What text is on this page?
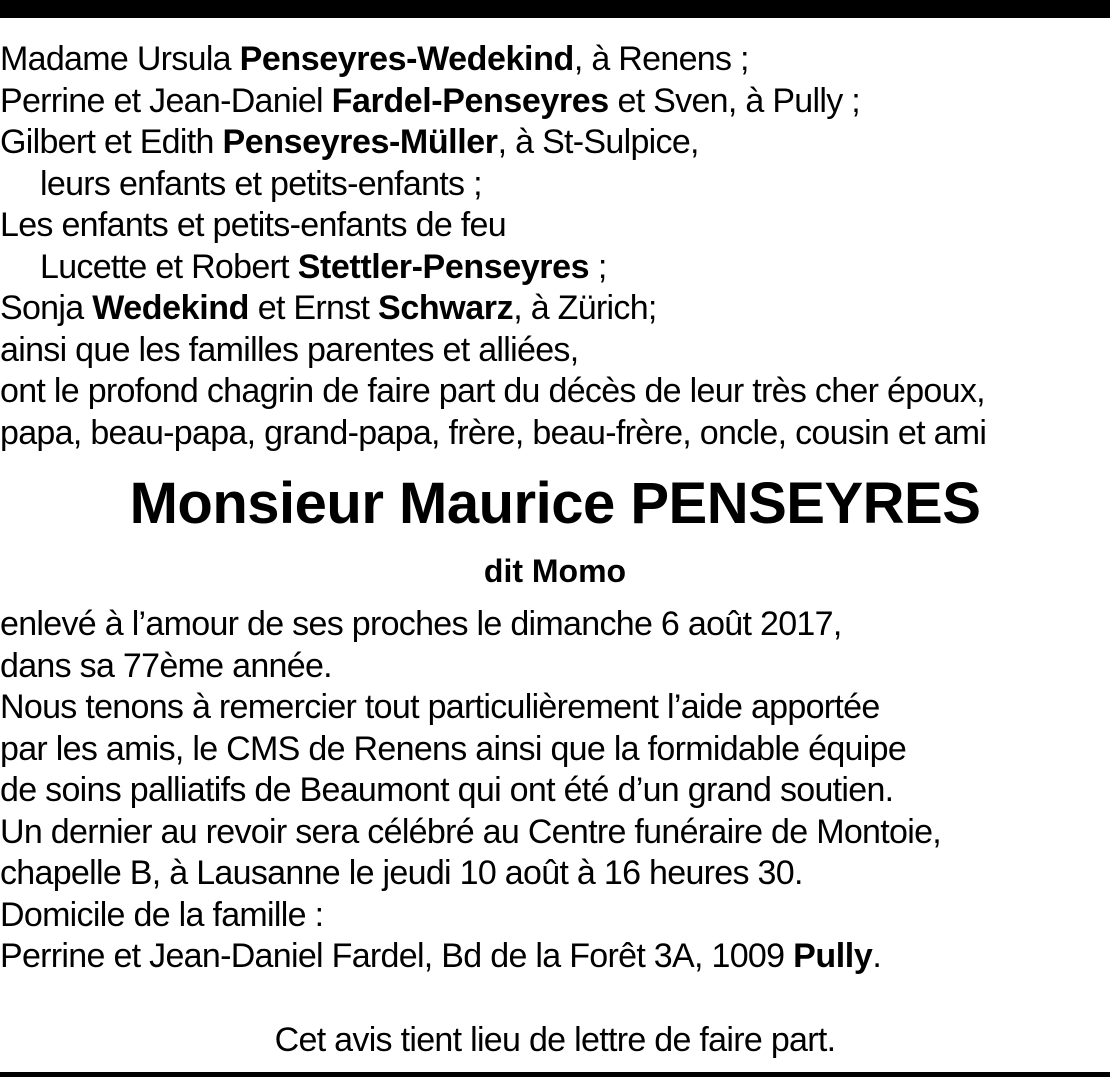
Madame Ursula Penseyres-Wedekind, à Renens ;
Perrine et Jean-Daniel Fardel-Penseyres et Sven, à Pully ;
Gilbert et Edith Penseyres-Müller, à St-Sulpice,
leurs enfants et petits-enfants ;
Les enfants et petits-enfants de feu
Lucette et Robert Stettler-Penseyres ;
Sonja Wedekind et Ernst Schwarz, à Zürich;
ainsi que les familles parentes et alliées,
ont le profond chagrin de faire part du décès de leur très cher époux,
papa, beau-papa, grand-papa, frère, beau-frère, oncle, cousin et ami
Monsieur Maurice PENSEYRES
dit Momo
enlevé à l’amour de ses proches le dimanche 6 août 2017,
dans sa 77ème année.
Nous tenons à remercier tout particulièrement l’aide apportée
par les amis, le CMS de Renens ainsi que la formidable équipe
de soins palliatifs de Beaumont qui ont été d’un grand soutien.
Un dernier au revoir sera célébré au Centre funéraire de Montoie,
chapelle B, à Lausanne le jeudi 10 août à 16 heures 30.
Domicile de la famille :
Perrine et Jean-Daniel Fardel, Bd de la Forêt 3A, 1009 Pully.
Cet avis tient lieu de lettre de faire part.
